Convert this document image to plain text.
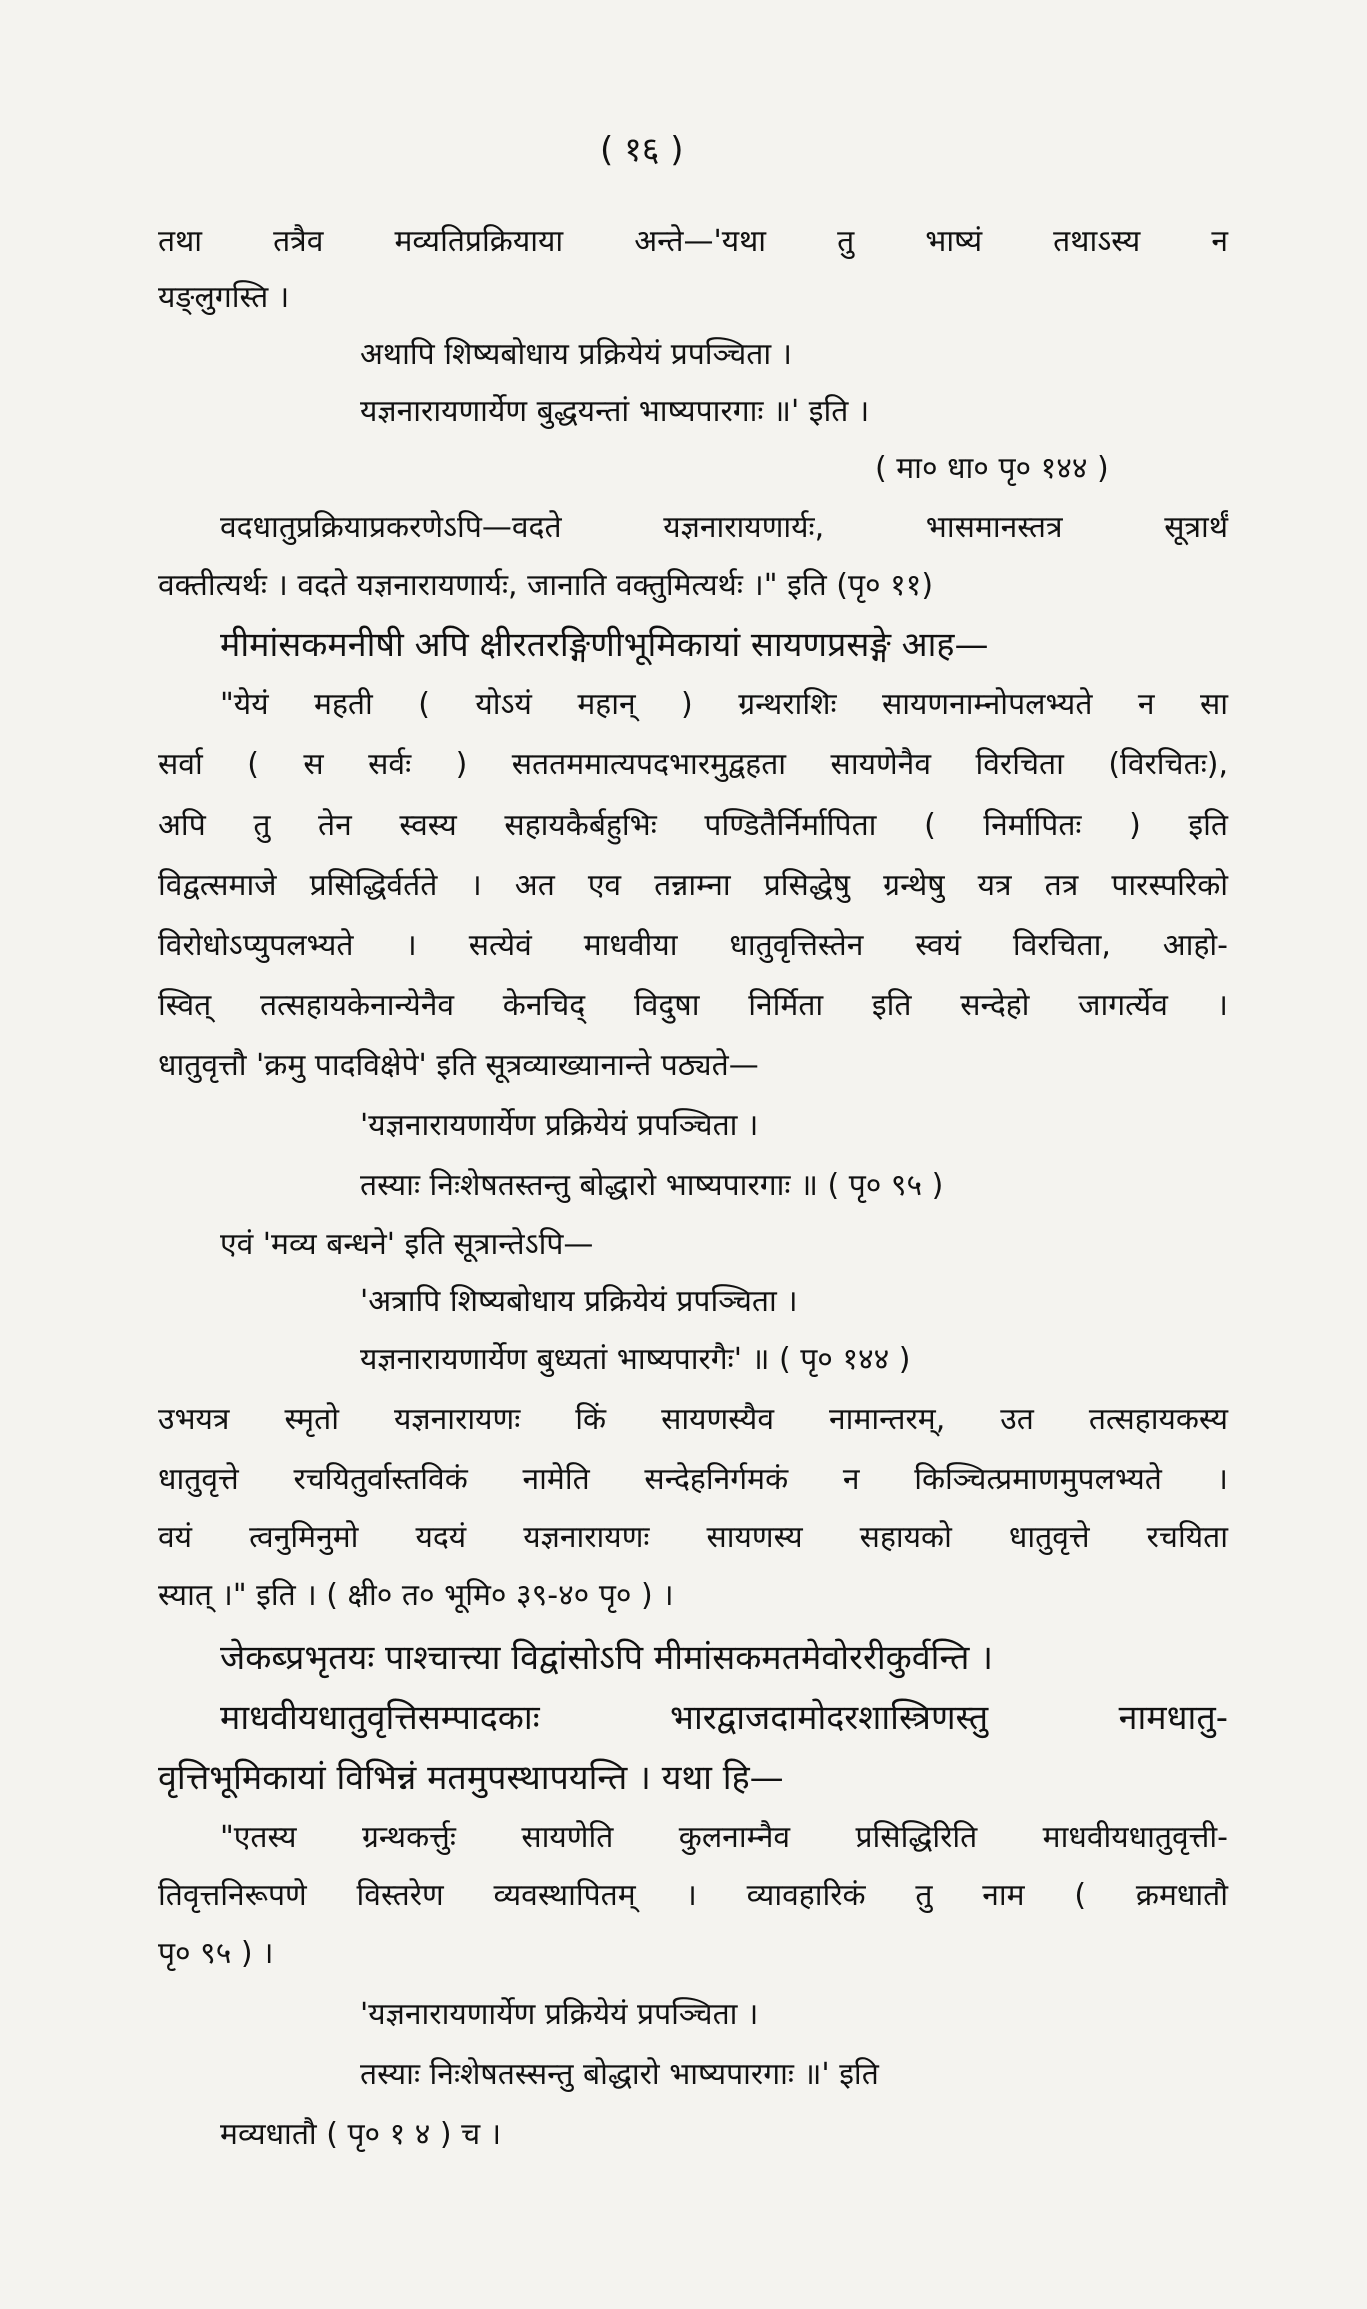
( १६ )
तथा तत्रैव मव्यतिप्रक्रियाया अन्ते—'यथा तु भाष्यं तथाऽस्य न
यङ्लुगस्ति ।
अथापि शिष्यबोधाय प्रक्रियेयं प्रपञ्चिता ।
यज्ञनारायणार्येण बुद्धयन्तां भाष्यपारगाः ॥' इति ।
( मा० धा० पृ० १४४ )
वदधातुप्रक्रियाप्रकरणेऽपि—वदते यज्ञनारायणार्यः, भासमानस्तत्र सूत्रार्थं
वक्तीत्यर्थः । वदते यज्ञनारायणार्यः, जानाति वक्तुमित्यर्थः ।" इति (पृ० ११)
मीमांसकमनीषी अपि क्षीरतरङ्गिणीभूमिकायां सायणप्रसङ्गे आह—
"येयं महती ( योऽयं महान् ) ग्रन्थराशिः सायणनाम्नोपलभ्यते न सा
सर्वा ( स सर्वः ) सततममात्यपदभारमुद्वहता सायणेनैव विरचिता (विरचितः),
अपि तु तेन स्वस्य सहायकैर्बहुभिः पण्डितैर्निर्मापिता ( निर्मापितः ) इति
विद्वत्समाजे प्रसिद्धिर्वर्तते । अत एव तन्नाम्ना प्रसिद्धेषु ग्रन्थेषु यत्र तत्र पारस्परिको
विरोधोऽप्युपलभ्यते । सत्येवं माधवीया धातुवृत्तिस्तेन स्वयं विरचिता, आहो-
स्वित् तत्सहायकेनान्येनैव केनचिद् विदुषा निर्मिता इति सन्देहो जागर्त्येव ।
धातुवृत्तौ 'क्रमु पादविक्षेपे' इति सूत्रव्याख्यानान्ते पठ्यते—
'यज्ञनारायणार्येण प्रक्रियेयं प्रपञ्चिता ।
तस्याः निःशेषतस्तन्तु बोद्धारो भाष्यपारगाः ॥ ( पृ० ९५ )
एवं 'मव्य बन्धने' इति सूत्रान्तेऽपि—
'अत्रापि शिष्यबोधाय प्रक्रियेयं प्रपञ्चिता ।
यज्ञनारायणार्येण बुध्यतां भाष्यपारगैः' ॥ ( पृ० १४४ )
उभयत्र स्मृतो यज्ञनारायणः किं सायणस्यैव नामान्तरम्, उत तत्सहायकस्य
धातुवृत्ते रचयितुर्वास्तविकं नामेति सन्देहनिर्गमकं न किञ्चित्प्रमाणमुपलभ्यते ।
वयं त्वनुमिनुमो यदयं यज्ञनारायणः सायणस्य सहायको धातुवृत्ते रचयिता
स्यात् ।" इति । ( क्षी० त० भूमि० ३९-४० पृ० ) ।
जेकब्प्रभृतयः पाश्चात्त्या विद्वांसोऽपि मीमांसकमतमेवोररीकुर्वन्ति ।
माधवीयधातुवृत्तिसम्पादकाः भारद्वाजदामोदरशास्त्रिणस्तु नामधातु-
वृत्तिभूमिकायां विभिन्नं मतमुपस्थापयन्ति । यथा हि—
"एतस्य ग्रन्थकर्त्तुः सायणेति कुलनाम्नैव प्रसिद्धिरिति माधवीयधातुवृत्ती-
तिवृत्तनिरूपणे विस्तरेण व्यवस्थापितम् । व्यावहारिकं तु नाम ( क्रमधातौ
पृ० ९५ ) ।
'यज्ञनारायणार्येण प्रक्रियेयं प्रपञ्चिता ।
तस्याः निःशेषतस्सन्तु बोद्धारो भाष्यपारगाः ॥' इति
मव्यधातौ ( पृ० १ ४ ) च ।
